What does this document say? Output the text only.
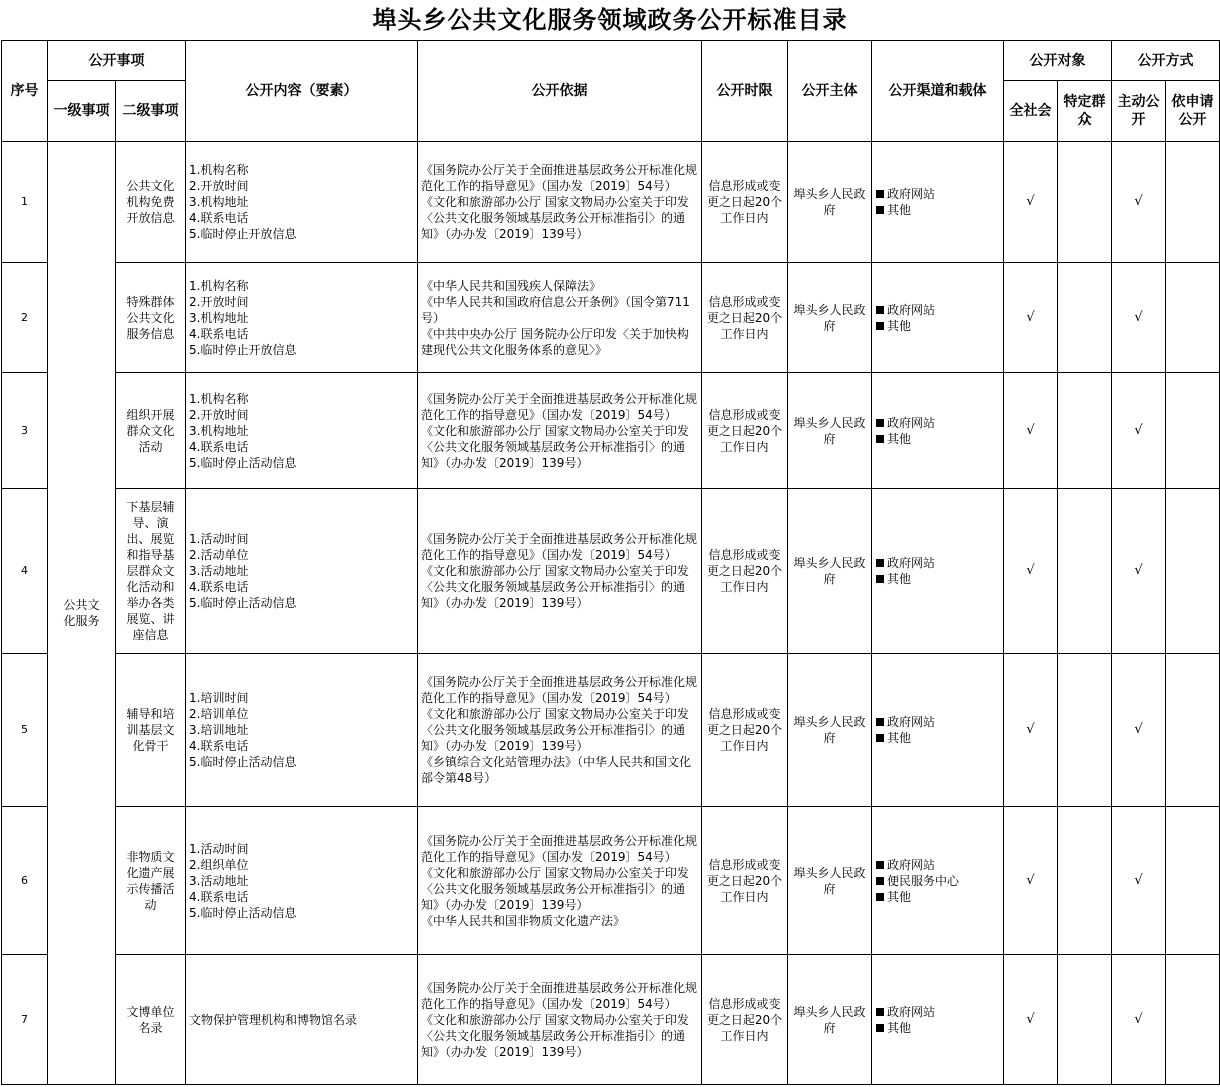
埠头乡公共文化服务领域政务公开标准目录
序号	公开事项		公开内容（要素）	公开依据	公开时限	公开主体	公开渠道和载体	公开对象		公开方式	
	一级事项	二级事项						全社会	特定群众	主动公开	依申请公开
1	公共文化服务	公共文化机构免费开放信息	1.机构名称
2.开放时间
3.机构地址
4.联系电话
5.临时停止开放信息	《国务院办公厅关于全面推进基层政务公开标准化规范化工作的指导意见》（国办发〔2019〕54号）
《文化和旅游部办公厅 国家文物局办公室关于印发〈公共文化服务领域基层政务公开标准指引〉的通知》（办办发〔2019〕139号）	信息形成或变更之日起20个工作日内	埠头乡人民政府	政府网站
其他	√		√	
2		特殊群体公共文化服务信息	1.机构名称
2.开放时间
3.机构地址
4.联系电话
5.临时停止开放信息	《中华人民共和国残疾人保障法》
《中华人民共和国政府信息公开条例》（国令第711号）
《中共中央办公厅 国务院办公厅印发〈关于加快构建现代公共文化服务体系的意见〉》	信息形成或变更之日起20个工作日内	埠头乡人民政府	政府网站
其他	√		√	
3		组织开展群众文化活动	1.机构名称
2.开放时间
3.机构地址
4.联系电话
5.临时停止活动信息	《国务院办公厅关于全面推进基层政务公开标准化规范化工作的指导意见》（国办发〔2019〕54号）
《文化和旅游部办公厅 国家文物局办公室关于印发〈公共文化服务领域基层政务公开标准指引〉的通知》（办办发〔2019〕139号）	信息形成或变更之日起20个工作日内	埠头乡人民政府	政府网站
其他	√		√	
4		下基层辅导、演出、展览和指导基层群众文化活动和举办各类展览、讲座信息	1.活动时间
2.活动单位
3.活动地址
4.联系电话
5.临时停止活动信息	《国务院办公厅关于全面推进基层政务公开标准化规范化工作的指导意见》（国办发〔2019〕54号）
《文化和旅游部办公厅 国家文物局办公室关于印发〈公共文化服务领域基层政务公开标准指引〉的通知》（办办发〔2019〕139号）	信息形成或变更之日起20个工作日内	埠头乡人民政府	政府网站
其他	√		√	
5		辅导和培训基层文化骨干	1.培训时间
2.培训单位
3.培训地址
4.联系电话
5.临时停止活动信息	《国务院办公厅关于全面推进基层政务公开标准化规范化工作的指导意见》（国办发〔2019〕54号）
《文化和旅游部办公厅 国家文物局办公室关于印发〈公共文化服务领域基层政务公开标准指引〉的通知》（办办发〔2019〕139号）
《乡镇综合文化站管理办法》（中华人民共和国文化部令第48号）	信息形成或变更之日起20个工作日内	埠头乡人民政府	政府网站
其他	√		√	
6		非物质文化遗产展示传播活动	1.活动时间
2.组织单位
3.活动地址
4.联系电话
5.临时停止活动信息	《国务院办公厅关于全面推进基层政务公开标准化规范化工作的指导意见》（国办发〔2019〕54号）
《文化和旅游部办公厅 国家文物局办公室关于印发〈公共文化服务领域基层政务公开标准指引〉的通知》（办办发〔2019〕139号）
《中华人民共和国非物质文化遗产法》	信息形成或变更之日起20个工作日内	埠头乡人民政府	政府网站
便民服务中心
其他	√		√	
7		文博单位名录	文物保护管理机构和博物馆名录	《国务院办公厅关于全面推进基层政务公开标准化规范化工作的指导意见》（国办发〔2019〕54号）
《文化和旅游部办公厅 国家文物局办公室关于印发〈公共文化服务领域基层政务公开标准指引〉的通知》（办办发〔2019〕139号）	信息形成或变更之日起20个工作日内	埠头乡人民政府	政府网站
其他	√		√	
